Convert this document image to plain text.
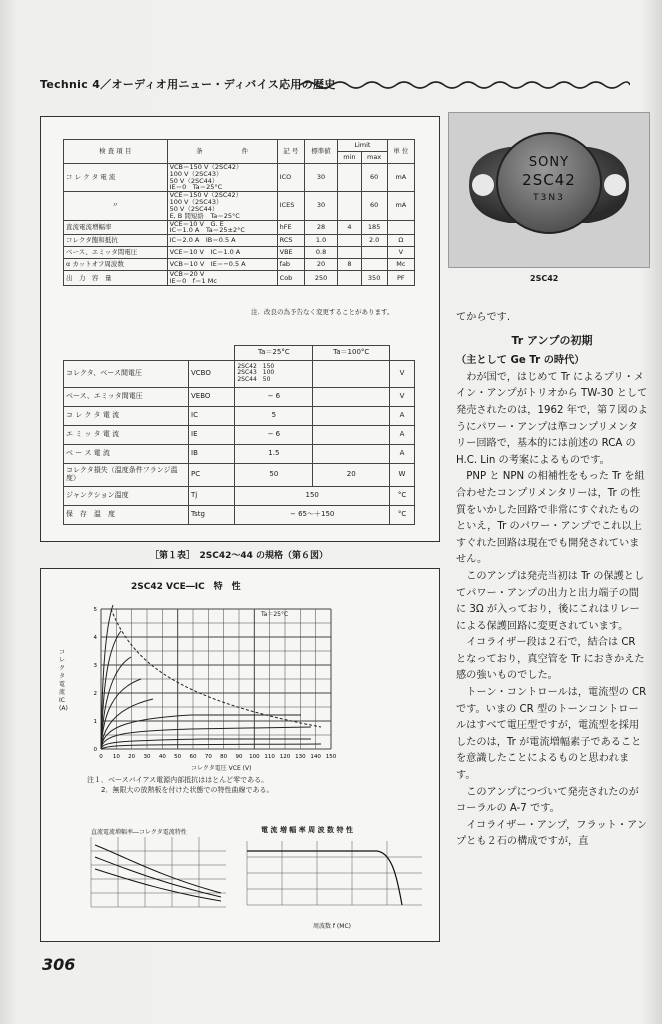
Technic 4／オーディオ用ニュー・ディバイス応用の歴史
SONY
2SC42
T3N3
2SC42
検 査 項 目	条　　　　　　件	記 号	標準値	Limit		単 位
				min	max	
コ レ ク タ 電 流	VCB＝150 V（2SC42）
100 V（2SC43）
50 V（2SC44）
IE＝0　Ta＝25°C	ICO	30		60	mA
〃	VCE＝150 V（2SC42）
100 V（2SC43）
50 V（2SC44）
E, B 間短絡　Ta＝25°C	ICES	30		60	mA
直流電流増幅率	VCE＝10 V　G. E
IC＝1.0 A　Ta＝25±2°C	hFE	28	4	185	
コレクタ飽和抵抗	IC＝2.0 A　IB＝0.5 A	RCS	1.0		2.0	Ω
ベース、エミッタ間電圧	VCE＝10 V　IC＝1.0 A	VBE	0.8			V
α カットオフ周波数	VCB＝10 V　IE＝−0.5 A	fab	20	8		Mc
出　力　容　量	VCB＝20 V
IE＝0　f＝1 Mc	Cob	250		350	PF
注．改良の為予告なく変更することがあります。
		Ta＝25°C	Ta＝100°C	
コレクタ、ベース間電圧	VCBO	2SC42　150
2SC43　100
2SC44　50		V
ベース、エミッタ間電圧	VEBO	− 6		V
コ レ ク タ 電 流	IC	5		A
エ ミ ッ タ 電 流	IE	− 6		A
ベ ー ス 電 流	IB	1.5		A
コレクタ損失（温度条件フランジ温度）	PC	50	20	W
ジャンクション温度	Tj	150		°C
保　存　温　度	Tstg	− 65～＋150		°C
［第１表］　2SC42～44 の規格（第６図）
2SC42 VCE―IC　特　性
0 10 20 30 40 50 60 70 80 90 100 110 120 130 140 150
0
1
2
3
4
5
Ta＝25°C
コレクタ電流 IC (A)
コレクタ電圧 VCE (V)
注１．ベースバイアス電源内部抵抗ははとんど零である。
2．無限大の放熱板を付けた状態での特性曲線である。
直流電流増幅率―コレクタ電流特性	電 流 増 幅 率 周 波 数 特 性
周波数 f (MC)

てからです.

Tr アンプの初期

（主として Ge Tr の時代）

わが国で，はじめて Tr によるプリ・メイン・アンプがトリオから TW-30 として発売されたのは，1962 年で，第７図のようにパワー・アンプは準コンプリメンタリー回路で，基本的には前述の RCA の H.C. Lin の考案によるものです。

PNP と NPN の相補性をもった Tr を組合わせたコンプリメンタリーは，Tr の性質をいかした回路で非常にすぐれたものといえ，Tr のパワー・アンプでこれ以上すぐれた回路は現在でも開発されていません。

このアンプは発売当初は Tr の保護としてパワー・アンプの出力と出力端子の間に 3Ω が入っており，後にこれはリレーによる保護回路に変更されています。

イコライザー段は２石で，結合は CR となっており，真空管を Tr におきかえた感の強いものでした。

トーン・コントロールは，電流型の CR です。いまの CR 型のトーンコントロールはすべて電圧型ですが，電流型を採用したのは，Tr が電流増幅素子であることを意識したことによるものと思われます。

このアンプにつづいて発売されたのがコーラルの A-7 です。

イコライザー・アンプ，フラット・アンプとも２石の構成ですが，直

306
